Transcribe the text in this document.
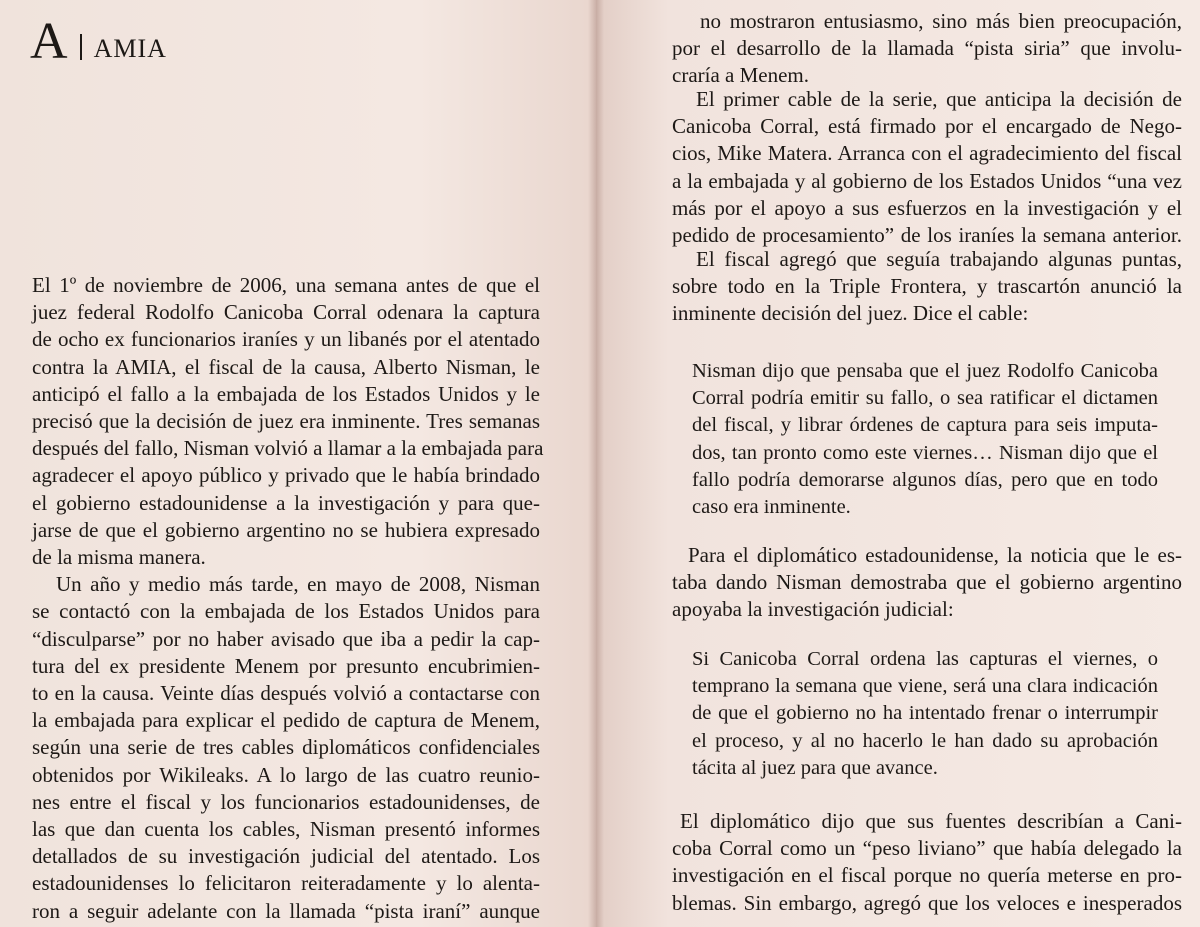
A AMIA

El 1º de noviembre de 2006, una semana antes de que el
juez federal Rodolfo Canicoba Corral odenara la captura
de ocho ex funcionarios iraníes y un libanés por el atentado
contra la AMIA, el fiscal de la causa, Alberto Nisman, le
anticipó el fallo a la embajada de los Estados Unidos y le
precisó que la decisión de juez era inminente. Tres semanas
después del fallo, Nisman volvió a llamar a la embajada para
agradecer el apoyo público y privado que le había brindado
el gobierno estadounidense a la investigación y para que-
jarse de que el gobierno argentino no se hubiera expresado
de la misma manera.

Un año y medio más tarde, en mayo de 2008, Nisman
se contactó con la embajada de los Estados Unidos para
“disculparse” por no haber avisado que iba a pedir la cap-
tura del ex presidente Menem por presunto encubrimien-
to en la causa. Veinte días después volvió a contactarse con
la embajada para explicar el pedido de captura de Menem,
según una serie de tres cables diplomáticos confidenciales
obtenidos por Wikileaks. A lo largo de las cuatro reunio-
nes entre el fiscal y los funcionarios estadounidenses, de
las que dan cuenta los cables, Nisman presentó informes
detallados de su investigación judicial del atentado. Los
estadounidenses lo felicitaron reiteradamente y lo alenta-
ron a seguir adelante con la llamada “pista iraní” aunque

no mostraron entusiasmo, sino más bien preocupación,
por el desarrollo de la llamada “pista siria” que involu-
craría a Menem.
El primer cable de la serie, que anticipa la decisión de
Canicoba Corral, está firmado por el encargado de Nego-
cios, Mike Matera. Arranca con el agradecimiento del fiscal
a la embajada y al gobierno de los Estados Unidos “una vez
más por el apoyo a sus esfuerzos en la investigación y el
pedido de procesamiento” de los iraníes la semana anterior.
El fiscal agregó que seguía trabajando algunas puntas,
sobre todo en la Triple Frontera, y trascartón anunció la
inminente decisión del juez. Dice el cable:
Nisman dijo que pensaba que el juez Rodolfo Canicoba
Corral podría emitir su fallo, o sea ratificar el dictamen
del fiscal, y librar órdenes de captura para seis imputa-
dos, tan pronto como este viernes… Nisman dijo que el
fallo podría demorarse algunos días, pero que en todo
caso era inminente.
Para el diplomático estadounidense, la noticia que le es-
taba dando Nisman demostraba que el gobierno argentino
apoyaba la investigación judicial:
Si Canicoba Corral ordena las capturas el viernes, o
temprano la semana que viene, será una clara indicación
de que el gobierno no ha intentado frenar o interrumpir
el proceso, y al no hacerlo le han dado su aprobación
tácita al juez para que avance.
El diplomático dijo que sus fuentes describían a Cani-
coba Corral como un “peso liviano” que había delegado la
investigación en el fiscal porque no quería meterse en pro-
blemas. Sin embargo, agregó que los veloces e inesperados
